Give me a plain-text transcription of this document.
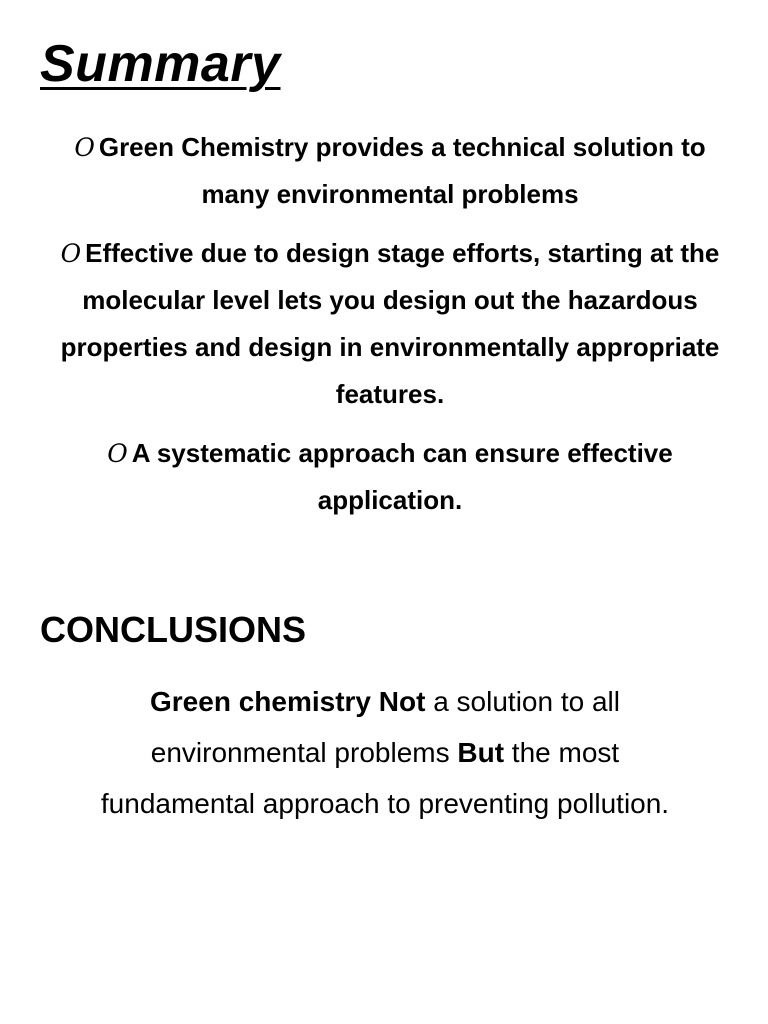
Summary
O Green Chemistry provides a technical solution to many environmental problems
O Effective due to design stage efforts, starting at the molecular level lets you design out the hazardous properties and design in environmentally appropriate features.
O A systematic approach can ensure effective application.
CONCLUSIONS

Green chemistry Not a solution to all environmental problems But the most fundamental approach to preventing pollution.
